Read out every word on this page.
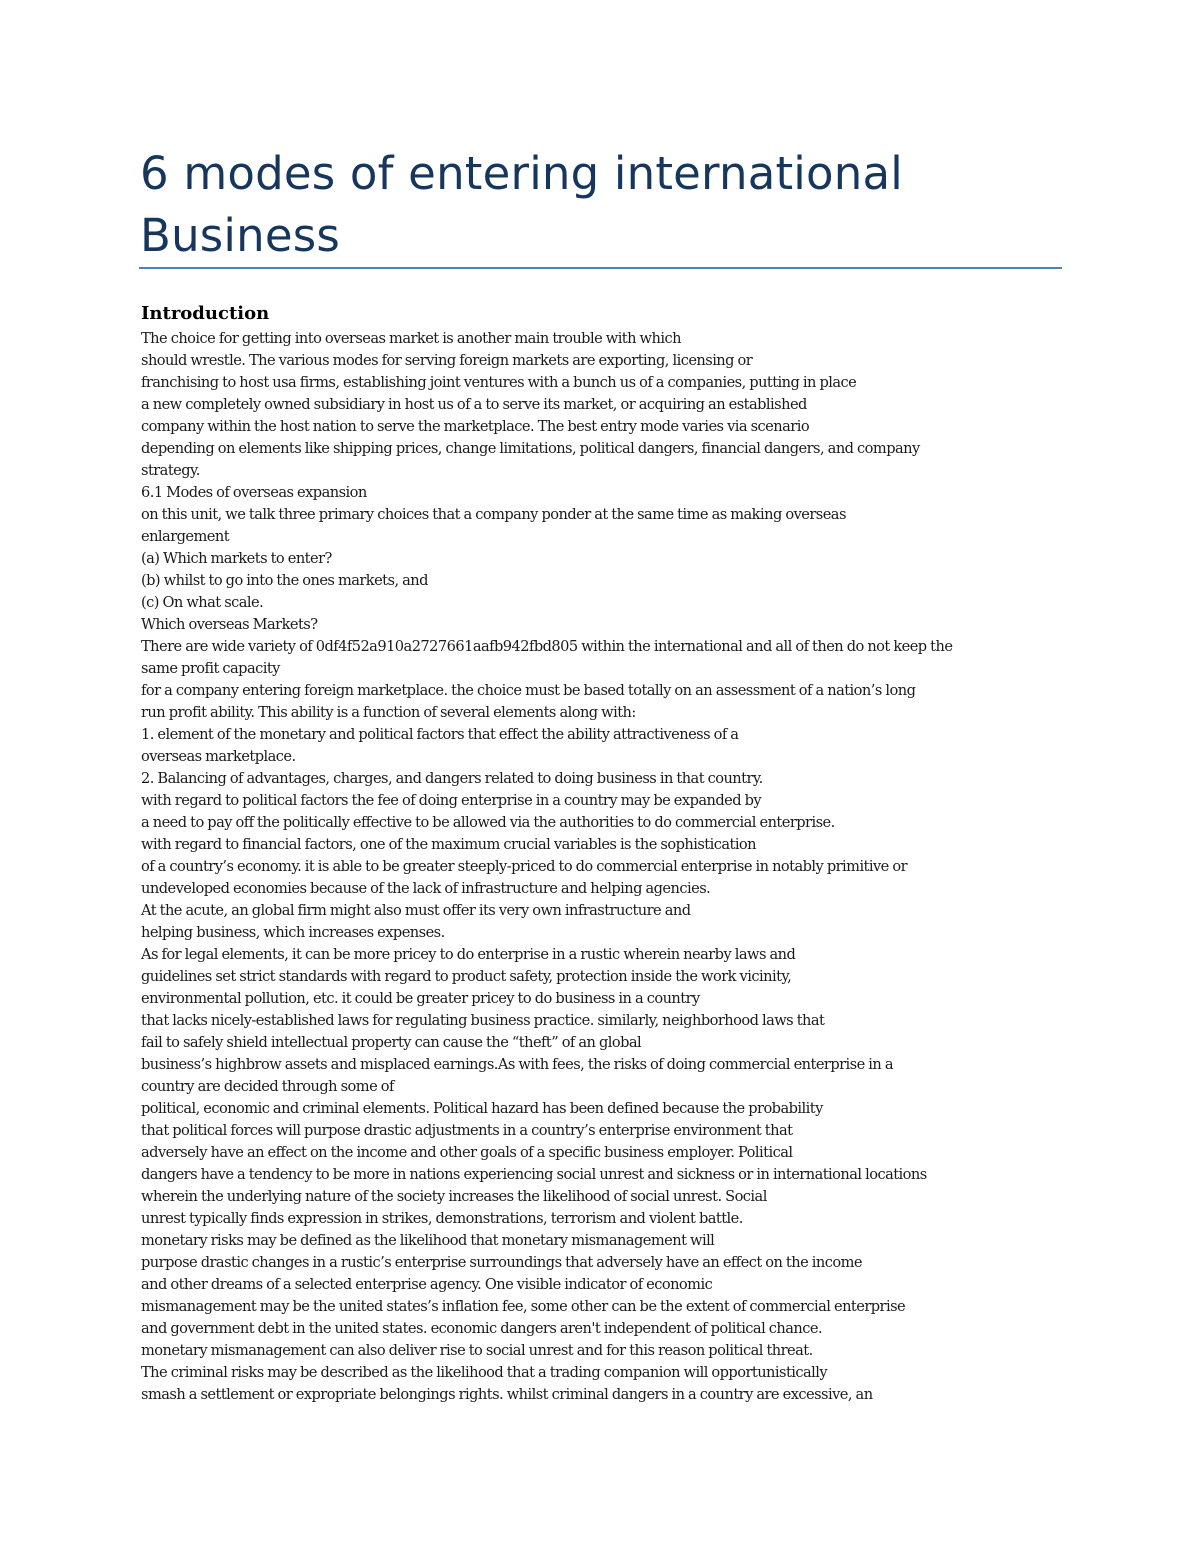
6 modes of entering international Business
Introduction
The choice for getting into overseas market is another main trouble with which
should wrestle. The various modes for serving foreign markets are exporting, licensing or
franchising to host usa firms, establishing joint ventures with a bunch us of a companies, putting in place
a new completely owned subsidiary in host us of a to serve its market, or acquiring an established
company within the host nation to serve the marketplace. The best entry mode varies via scenario
depending on elements like shipping prices, change limitations, political dangers, financial dangers, and company
strategy.
6.1 Modes of overseas expansion
on this unit, we talk three primary choices that a company ponder at the same time as making overseas
enlargement
(a) Which markets to enter?
(b) whilst to go into the ones markets, and
(c) On what scale.
Which overseas Markets?
There are wide variety of 0df4f52a910a2727661aafb942fbd805 within the international and all of then do not keep the
same profit capacity
for a company entering foreign marketplace. the choice must be based totally on an assessment of a nation’s long
run profit ability. This ability is a function of several elements along with:
1. element of the monetary and political factors that effect the ability attractiveness of a
overseas marketplace.
2. Balancing of advantages, charges, and dangers related to doing business in that country.
with regard to political factors the fee of doing enterprise in a country may be expanded by
a need to pay off the politically effective to be allowed via the authorities to do commercial enterprise.
with regard to financial factors, one of the maximum crucial variables is the sophistication
of a country’s economy. it is able to be greater steeply-priced to do commercial enterprise in notably primitive or
undeveloped economies because of the lack of infrastructure and helping agencies.
At the acute, an global firm might also must offer its very own infrastructure and
helping business, which increases expenses.
As for legal elements, it can be more pricey to do enterprise in a rustic wherein nearby laws and
guidelines set strict standards with regard to product safety, protection inside the work vicinity,
environmental pollution, etc. it could be greater pricey to do business in a country
that lacks nicely-established laws for regulating business practice. similarly, neighborhood laws that
fail to safely shield intellectual property can cause the “theft” of an global
business’s highbrow assets and misplaced earnings.As with fees, the risks of doing commercial enterprise in a
country are decided through some of
political, economic and criminal elements. Political hazard has been defined because the probability
that political forces will purpose drastic adjustments in a country’s enterprise environment that
adversely have an effect on the income and other goals of a specific business employer. Political
dangers have a tendency to be more in nations experiencing social unrest and sickness or in international locations
wherein the underlying nature of the society increases the likelihood of social unrest. Social
unrest typically finds expression in strikes, demonstrations, terrorism and violent battle.
monetary risks may be defined as the likelihood that monetary mismanagement will
purpose drastic changes in a rustic’s enterprise surroundings that adversely have an effect on the income
and other dreams of a selected enterprise agency. One visible indicator of economic
mismanagement may be the united states’s inflation fee, some other can be the extent of commercial enterprise
and government debt in the united states. economic dangers aren't independent of political chance.
monetary mismanagement can also deliver rise to social unrest and for this reason political threat.
The criminal risks may be described as the likelihood that a trading companion will opportunistically
smash a settlement or expropriate belongings rights. whilst criminal dangers in a country are excessive, an
